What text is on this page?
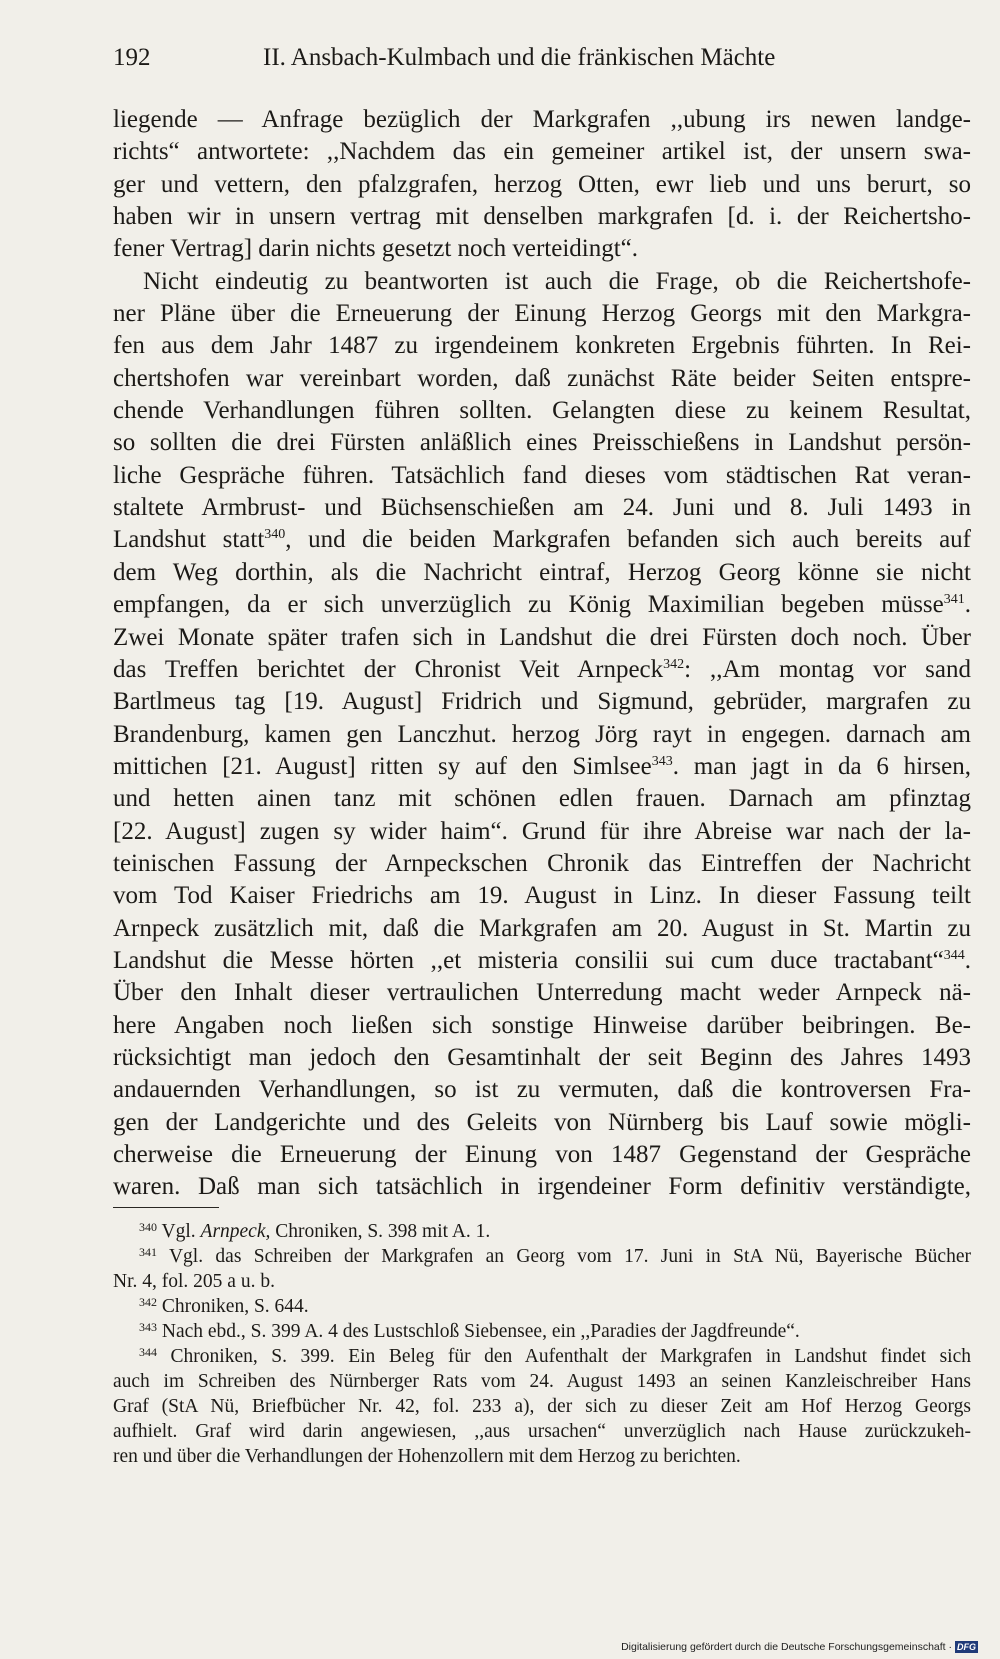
192	II. Ansbach-Kulmbach und die fränkischen Mächte
liegende — Anfrage bezüglich der Markgrafen ,,ubung irs newen landge-
richts“ antwortete: ,,Nachdem das ein gemeiner artikel ist, der unsern swa-
ger und vettern, den pfalzgrafen, herzog Otten, ewr lieb und uns berurt, so
haben wir in unsern vertrag mit denselben markgrafen [d. i. der Reichertsho-
fener Vertrag] darin nichts gesetzt noch verteidingt“.
Nicht eindeutig zu beantworten ist auch die Frage, ob die Reichertshofe-
ner Pläne über die Erneuerung der Einung Herzog Georgs mit den Markgra-
fen aus dem Jahr 1487 zu irgendeinem konkreten Ergebnis führten. In Rei-
chertshofen war vereinbart worden, daß zunächst Räte beider Seiten entspre-
chende Verhandlungen führen sollten. Gelangten diese zu keinem Resultat,
so sollten die drei Fürsten anläßlich eines Preisschießens in Landshut persön-
liche Gespräche führen. Tatsächlich fand dieses vom städtischen Rat veran-
staltete Armbrust- und Büchsenschießen am 24. Juni und 8. Juli 1493 in
Landshut statt$^{340}$, und die beiden Markgrafen befanden sich auch bereits auf
dem Weg dorthin, als die Nachricht eintraf, Herzog Georg könne sie nicht
empfangen, da er sich unverzüglich zu König Maximilian begeben müsse$^{341}$.
Zwei Monate später trafen sich in Landshut die drei Fürsten doch noch. Über
das Treffen berichtet der Chronist Veit Arnpeck$^{342}$: ,,Am montag vor sand
Bartlmeus tag [19. August] Fridrich und Sigmund, gebrüder, margrafen zu
Brandenburg, kamen gen Lanczhut. herzog Jörg rayt in engegen. darnach am
mittichen [21. August] ritten sy auf den Simlsee$^{343}$. man jagt in da 6 hirsen,
und hetten ainen tanz mit schönen edlen frauen. Darnach am pfinztag
[22. August] zugen sy wider haim“. Grund für ihre Abreise war nach der la-
teinischen Fassung der Arnpeckschen Chronik das Eintreffen der Nachricht
vom Tod Kaiser Friedrichs am 19. August in Linz. In dieser Fassung teilt
Arnpeck zusätzlich mit, daß die Markgrafen am 20. August in St. Martin zu
Landshut die Messe hörten ,,et misteria consilii sui cum duce tractabant“$^{344}$.
Über den Inhalt dieser vertraulichen Unterredung macht weder Arnpeck nä-
here Angaben noch ließen sich sonstige Hinweise darüber beibringen. Be-
rücksichtigt man jedoch den Gesamtinhalt der seit Beginn des Jahres 1493
andauernden Verhandlungen, so ist zu vermuten, daß die kontroversen Fra-
gen der Landgerichte und des Geleits von Nürnberg bis Lauf sowie mögli-
cherweise die Erneuerung der Einung von 1487 Gegenstand der Gespräche
waren. Daß man sich tatsächlich in irgendeiner Form definitiv verständigte,
$^{340}$ Vgl. Arnpeck, Chroniken, S. 398 mit A. 1.
$^{341}$ Vgl. das Schreiben der Markgrafen an Georg vom 17. Juni in StA Nü, Bayerische Bücher
Nr. 4, fol. 205 a u. b.
$^{342}$ Chroniken, S. 644.
$^{343}$ Nach ebd., S. 399 A. 4 des Lustschloß Siebensee, ein ,,Paradies der Jagdfreunde“.
$^{344}$ Chroniken, S. 399. Ein Beleg für den Aufenthalt der Markgrafen in Landshut findet sich
auch im Schreiben des Nürnberger Rats vom 24. August 1493 an seinen Kanzleischreiber Hans
Graf (StA Nü, Briefbücher Nr. 42, fol. 233 a), der sich zu dieser Zeit am Hof Herzog Georgs
aufhielt. Graf wird darin angewiesen, ,,aus ursachen“ unverzüglich nach Hause zurückzukeh-
ren und über die Verhandlungen der Hohenzollern mit dem Herzog zu berichten.
Digitalisierung gefördert durch die Deutsche Forschungsgemeinschaft · DFG
